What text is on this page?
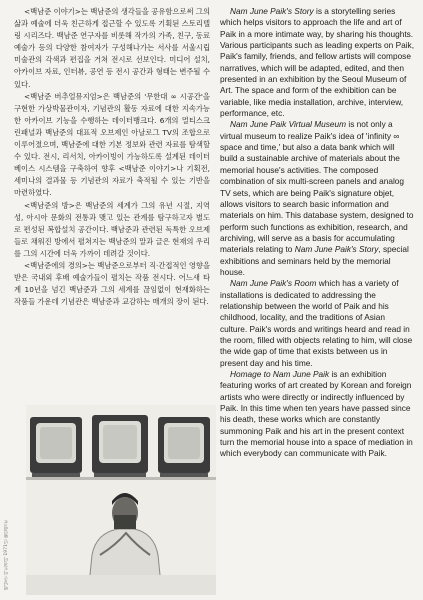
<백남준 이야기>는 백남준의 생각들을 공유함으로써 그의 삶과 예술에 더욱 친근하게 접근할 수 있도록 기획된 스토리텔링 시리즈다. 백남준 연구자를 비롯해 작가의 가족, 친구, 동료 예술가 등의 다양한 참여자가 구성해나가는 서사를 서울시립미술관의 각색과 편집을 거쳐 전시로 선보인다. 미디어 설치, 아카이브 자료, 인터뷰, 공연 등 전시 공간과 형태는 변주될 수 있다.

<백남준 버추얼뮤지엄>은 백남준의 '무한대 ∞ 시공간'을 구현한 가상박물관이자, 기념관의 활동 자료에 대한 지속가능한 아카이브 기능을 수행하는 데이터뱅크다. 6개의 멀티스크린패널과 백남준의 대표적 오브제인 아날로그 TV의 조합으로 이루어졌으며, 백남준에 대한 기본 정보와 관련 자료를 탐색할 수 있다. 전시, 리서치, 아카이빙이 가능하도록 설계된 데이터베이스 시스템을 구축하여 향후 <백남준 이야기>나 기획전, 세미나의 결과물 등 기념관의 자료가 축적될 수 있는 기반을 마련하였다.

<백남준의 방>은 백남준의 세계가 그의 유년 시절, 지역성, 아시아 문화의 전통과 맺고 있는 관계를 탐구하고자 별도로 편성된 복합설치 공간이다. 백남준과 관련된 독특한 오브제들로 채워진 방에서 펼쳐지는 백남준의 말과 글은 현재의 우리를 그의 시간에 더욱 가까이 데려갈 것이다.

<백남준에의 경의>는 백남준으로부터 직·간접적인 영향을 받은 국내외 후배 예술가들이 펼치는 작품 전시다. 어느새 타계 10년을 넘긴 백남준과 그의 세계를 끊임없이 현재화하는 작품들 가운데 기념관은 백남준과 교감하는 매개의 장이 된다.

Nam June Paik's Story is a storytelling series which helps visitors to approach the life and art of Paik in a more intimate way, by sharing his thoughts. Various participants such as leading experts on Paik, Paik's family, friends, and fellow artists will compose narratives, which will be adapted, edited, and then presented in an exhibition by the Seoul Museum of Art. The space and form of the exhibition can be variable, like media installation, archive, interview, performance, etc.

Nam June Paik Virtual Museum is not only a virtual museum to realize Paik's idea of 'infinity ∞ space and time,' but also a data bank which will build a sustainable archive of materials about the memorial house's activities. The composed combination of six multi-screen panels and analog TV sets, which are being Paik's signature objet, allows visitors to search basic information and materials on him. This database system, designed to perform such functions as exhibition, research, and archiving, will serve as a basis for accumulating materials relating to Nam June Paik's Story, special exhibitions and seminars held by the memorial house.

Nam June Paik's Room which has a variety of installations is dedicated to addressing the relationship between the world of Paik and his childhood, locality, and the traditions of Asian culture. Paik's words and writings heard and read in the room, filled with objects relating to him, will close the wide gap of time that exists between us in present day and his time.

Homage to Nam June Paik is an exhibition featuring works of art created by Korean and foreign artists who were directly or indirectly influenced by Paik. In this time when ten years have passed since his death, these works which are constantly summoning Paik and his art in the present context turn the memorial house into a space of mediation in which everybody can communicate with Paik.

백남준 아트센터 1971년 @임영균
